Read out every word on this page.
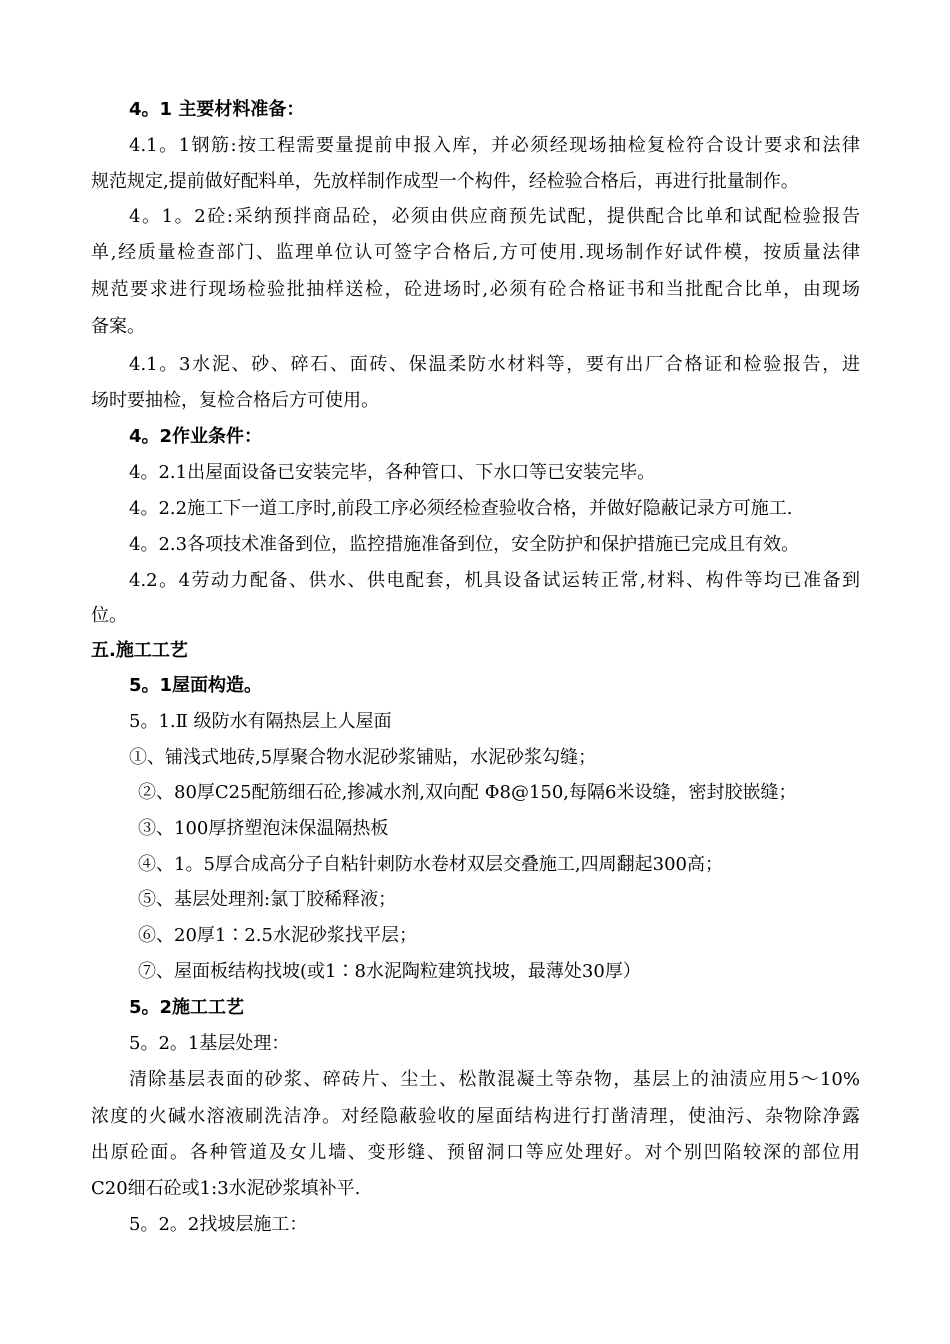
4。1 主要材料准备：
4.1。1钢筋:按工程需要量提前申报入库，并必须经现场抽检复检符合设计要求和法律
规范规定,提前做好配料单，先放样制作成型一个构件，经检验合格后，再进行批量制作。
4。1。2砼:采纳预拌商品砼，必须由供应商预先试配，提供配合比单和试配检验报告
单,经质量检查部门、监理单位认可签字合格后,方可使用.现场制作好试件模，按质量法律
规范要求进行现场检验批抽样送检，砼进场时,必须有砼合格证书和当批配合比单，由现场
备案。
4.1。3水泥、砂、碎石、面砖、保温柔防水材料等，要有出厂合格证和检验报告，进
场时要抽检，复检合格后方可使用。
4。2作业条件：
4。2.1出屋面设备已安装完毕，各种管口、下水口等已安装完毕。
4。2.2施工下一道工序时,前段工序必须经检查验收合格，并做好隐蔽记录方可施工.
4。2.3各项技术准备到位，监控措施准备到位，安全防护和保护措施已完成且有效。
4.2。4劳动力配备、供水、供电配套，机具设备试运转正常,材料、构件等均已准备到
位。
五.施工工艺
5。1屋面构造。
5。1.Ⅱ 级防水有隔热层上人屋面
①、铺浅式地砖,5厚聚合物水泥砂浆铺贴，水泥砂浆勾缝；
②、80厚C25配筋细石砼,掺减水剂,双向配 Φ8@150,每隔6米设缝，密封胶嵌缝；
③、100厚挤塑泡沫保温隔热板
④、1。5厚合成高分子自粘针刺防水卷材双层交叠施工,四周翻起300高；
⑤、基层处理剂:氯丁胶稀释液；
⑥、20厚1∶2.5水泥砂浆找平层；
⑦、屋面板结构找坡(或1∶8水泥陶粒建筑找坡，最薄处30厚）
5。2施工工艺
5。2。1基层处理：
清除基层表面的砂浆、碎砖片、尘土、松散混凝土等杂物，基层上的油渍应用5～10%
浓度的火碱水溶液刷洗洁净。对经隐蔽验收的屋面结构进行打凿清理，使油污、杂物除净露
出原砼面。各种管道及女儿墙、变形缝、预留洞口等应处理好。对个别凹陷较深的部位用
C20细石砼或1:3水泥砂浆填补平.
5。2。2找坡层施工：
